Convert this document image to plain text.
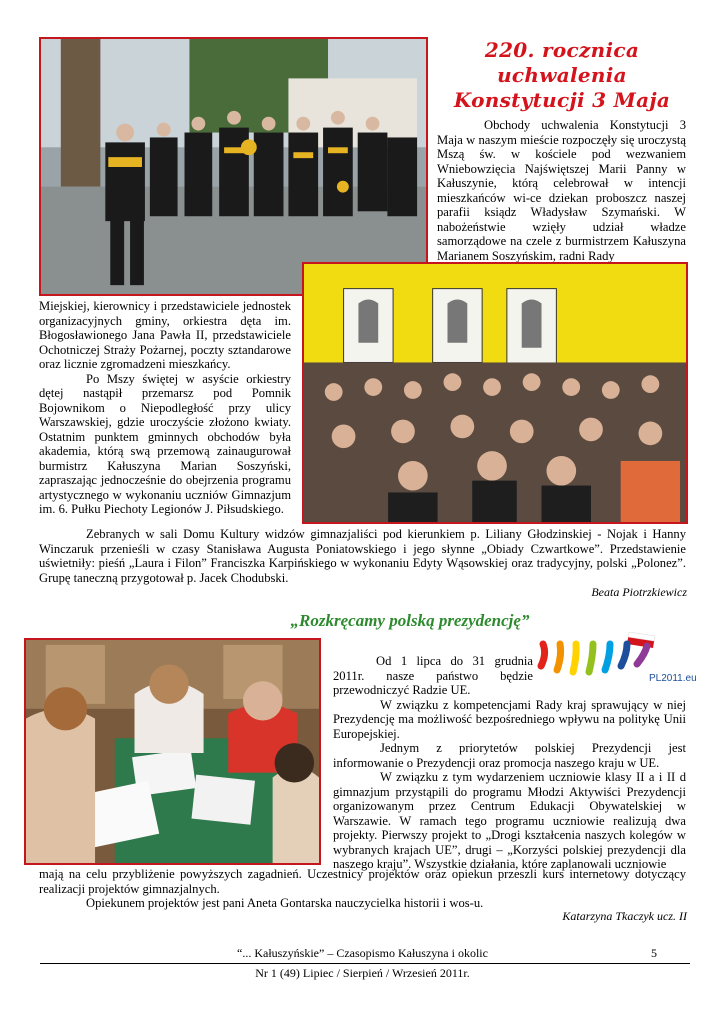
220. rocznica uchwalenia
Konstytucji 3 Maja

Obchody uchwalenia Konstytucji 3 Maja w naszym mieście rozpoczęły się uroczystą Mszą św. w kościele pod wezwaniem Wniebowzięcia Najświętszej Marii Panny w Kałuszynie, którą celebrował w intencji mieszkańców wi-ce dziekan proboszcz naszej parafii ksiądz Władysław Szymański. W nabożeństwie wzięły udział władze samorządowe na czele z burmistrzem Kałuszyna Marianem Soszyńskim, radni Rady

Miejskiej, kierownicy i przedstawiciele jednostek organizacyjnych gminy, orkiestra dęta im. Błogosławionego Jana Pawła II, przedstawiciele Ochotniczej Straży Pożarnej, poczty sztandarowe oraz licznie zgromadzeni mieszkańcy.

Po Mszy świętej w asyście orkiestry dętej nastąpił przemarsz pod Pomnik Bojownikom o Niepodległość przy ulicy Warszawskiej, gdzie uroczyście złożono kwiaty. Ostatnim punktem gminnych obchodów była akademia, którą swą przemową zainaugurował burmistrz Kałuszyna Marian Soszyński, zapraszając jednocześnie do obejrzenia programu artystycznego w wykonaniu uczniów Gimnazjum im. 6. Pułku Piechoty Legionów J. Piłsudskiego.

Zebranych w sali Domu Kultury widzów gimnazjaliści pod kierunkiem p. Liliany Głodzinskiej - Nojak i Hanny Winczaruk przenieśli w czasy Stanisława Augusta Poniatowskiego i jego słynne „Obiady Czwartkowe”. Przedstawienie uświetniły: pieśń „Laura i Filon” Franciszka Karpińskiego w wykonaniu Edyty Wąsowskiej oraz tradycyjny, polski „Polonez”. Grupę taneczną przygotował p. Jacek Chodubski.

Beata Piotrzkiewicz
„Rozkręcamy polską prezydencję”
PL2011.eu

Od 1 lipca do 31 grudnia 2011r. nasze państwo będzie przewodniczyć Radzie UE.

W związku z kompetencjami Rady kraj sprawujący w niej Prezydencję ma możliwość bezpośredniego wpływu na politykę Unii Europejskiej.

Jednym z priorytetów polskiej Prezydencji jest informowanie o Prezydencji oraz promocja naszego kraju w UE.

W związku z tym wydarzeniem uczniowie klasy II a i II d gimnazjum przystąpili do programu Młodzi Aktywiści Prezydencji organizowanym przez Centrum Edukacji Obywatelskiej w Warszawie. W ramach tego programu uczniowie realizują dwa projekty. Pierwszy projekt to „Drogi kształcenia naszych kolegów w wybranych krajach UE”, drugi – „Korzyści polskiej prezydencji dla naszego kraju”. Wszystkie działania, które zaplanowali uczniowie

mają na celu przybliżenie powyższych zagadnień. Uczestnicy projektów oraz opiekun przeszli kurs internetowy dotyczący realizacji projektów gimnazjalnych.

Opiekunem projektów jest pani Aneta Gontarska nauczycielka historii i wos-u.

Katarzyna Tkaczyk ucz. II
“... Kałuszyńskie” – Czasopismo Kałuszyna i okolic	5
Nr 1 (49) Lipiec / Sierpień / Wrzesień 2011r.
